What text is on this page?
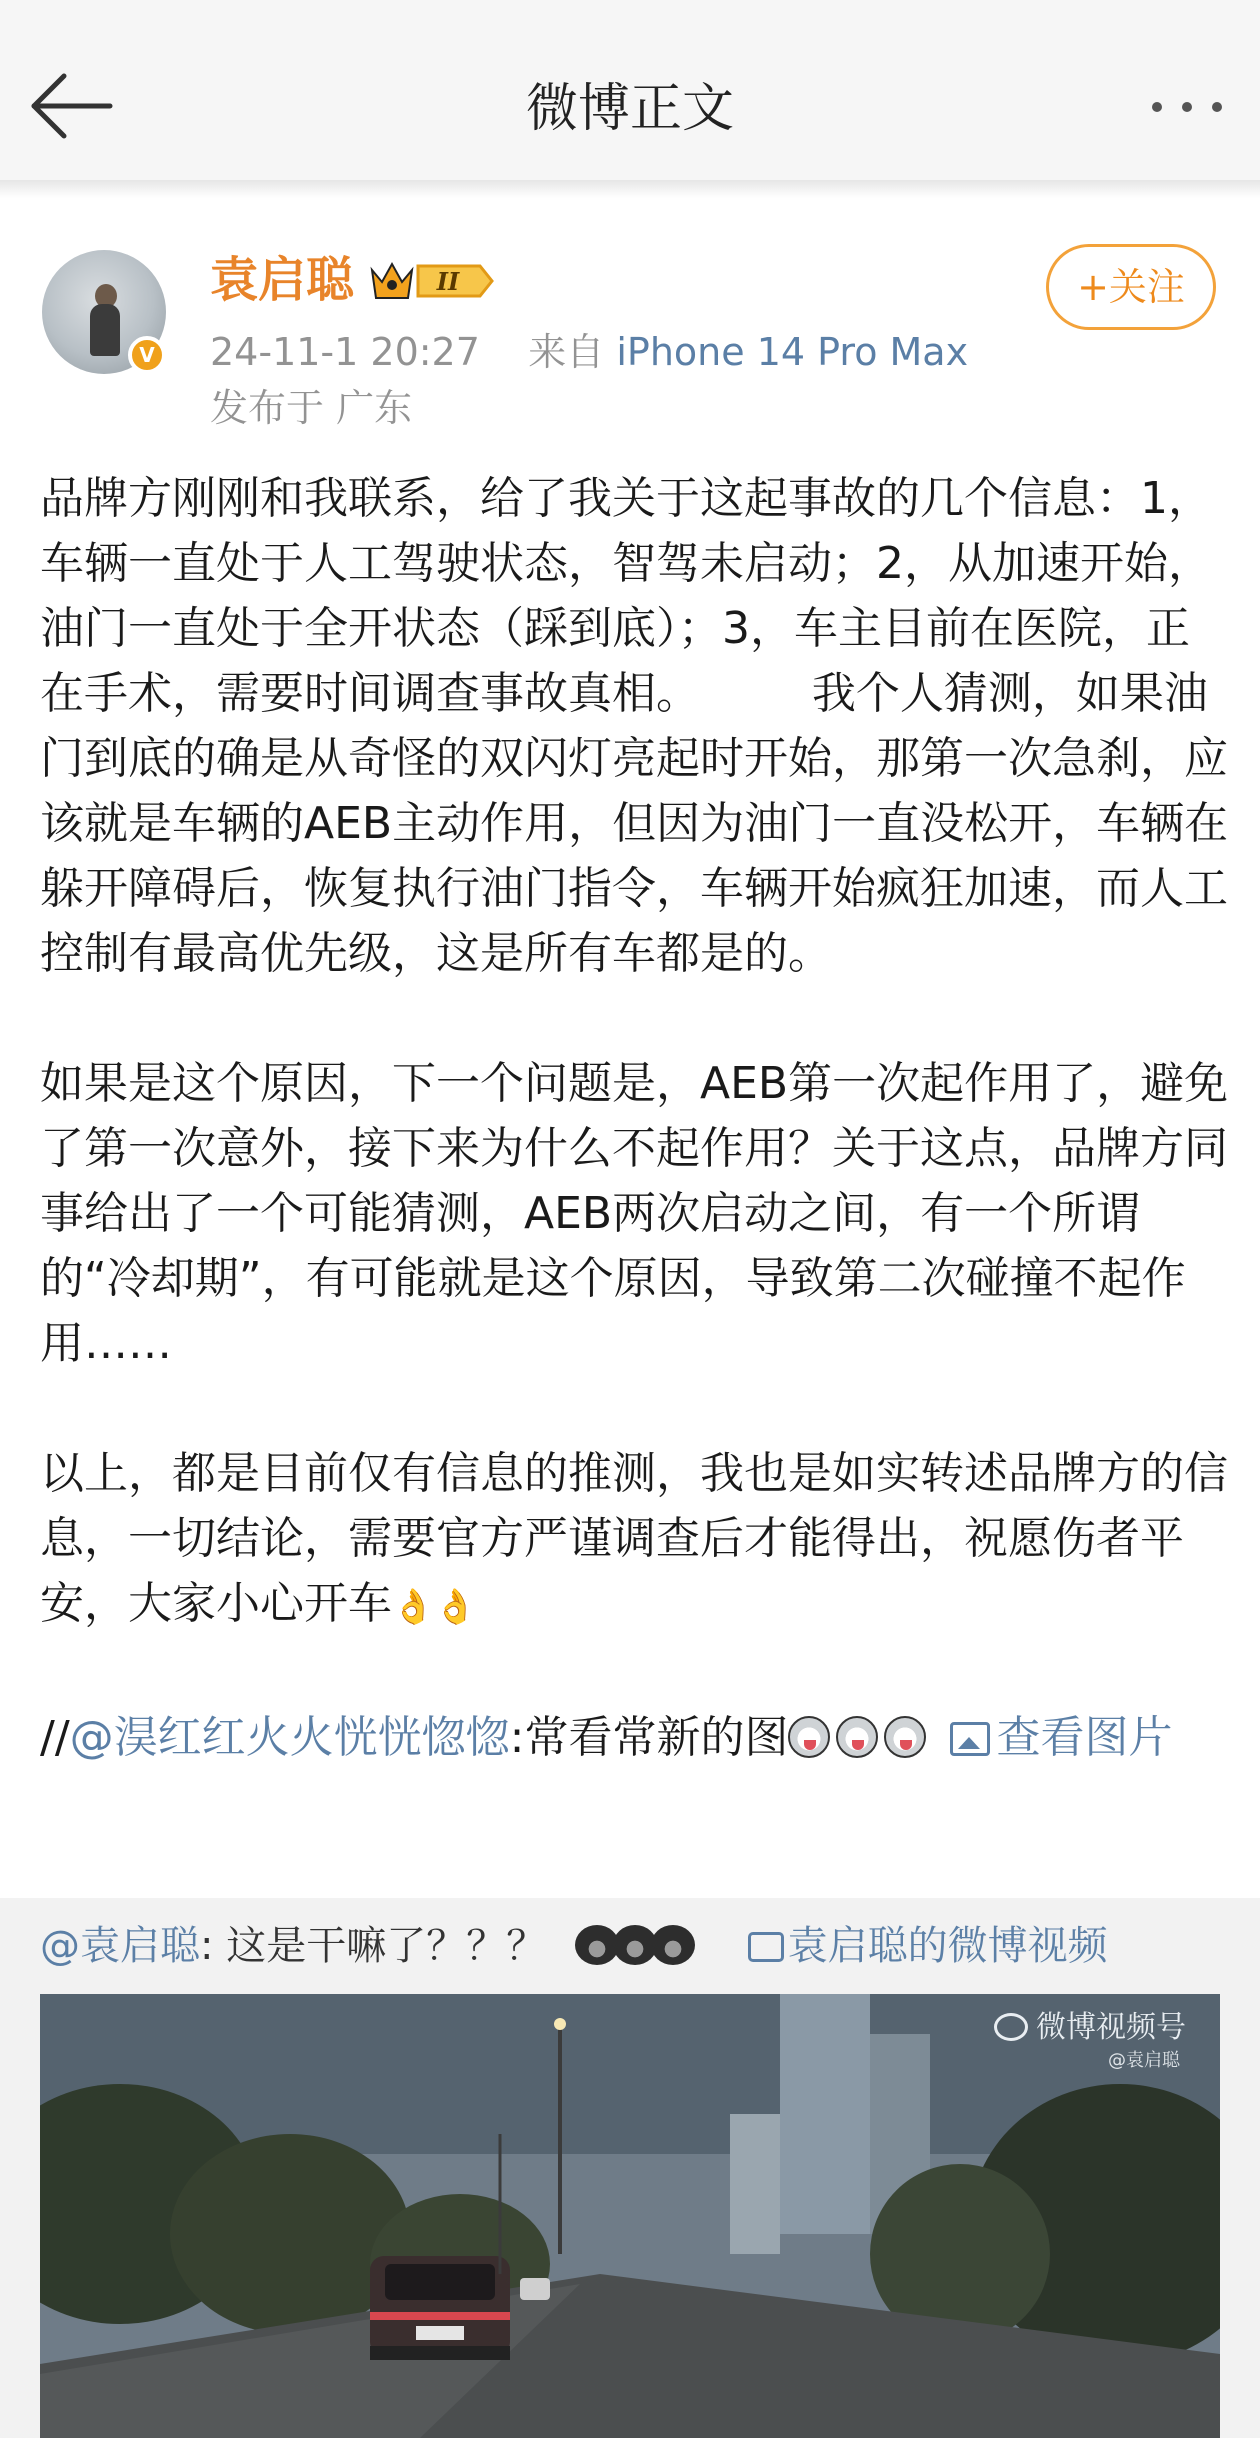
微博正文
V
袁启聪	II
24-11-1 20:27 来自 iPhone 14 Pro Max
发布于 广东
+关注

品牌方刚刚和我联系，给了我关于这起事故的几个信息：1，车辆一直处于人工驾驶状态，智驾未启动；2，从加速开始，油门一直处于全开状态（踩到底）；3，车主目前在医院，正在手术，需要时间调查事故真相。        我个人猜测，如果油门到底的确是从奇怪的双闪灯亮起时开始，那第一次急刹，应该就是车辆的AEB主动作用，但因为油门一直没松开，车辆在躲开障碍后，恢复执行油门指令，车辆开始疯狂加速，而人工控制有最高优先级，这是所有车都是的。

如果是这个原因，下一个问题是，AEB第一次起作用了，避免了第一次意外，接下来为什么不起作用？关于这点，品牌方同事给出了一个可能猜测，AEB两次启动之间，有一个所谓的“冷却期”，有可能就是这个原因，导致第二次碰撞不起作用……

以上，都是目前仅有信息的推测，我也是如实转述品牌方的信息，一切结论，需要官方严谨调查后才能得出，祝愿伤者平安，大家小心开车👌👌

//@淏红红火火恍恍惚惚:常看常新的图	查看图片

@袁启聪: 这是干嘛了？？？	袁启聪的微博视频
微博视频号
@袁启聪
